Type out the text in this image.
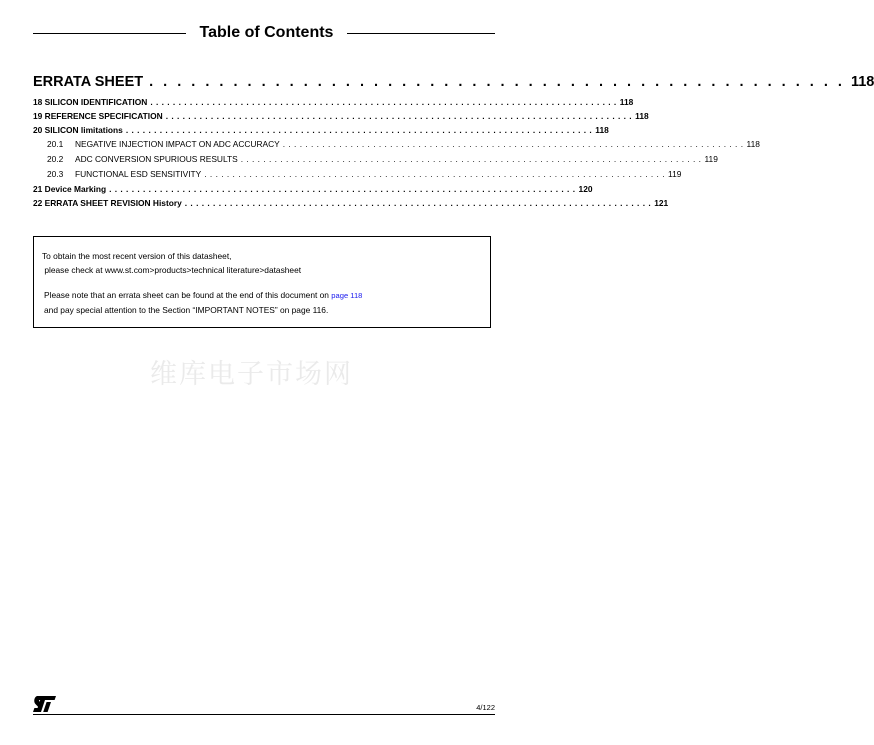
Table of Contents
ERRATA SHEET . . . . . . . . . . . . . . . . . . . . . . . . . . . . . . . . . . . . . . . . . . . . . . . . . . 118
18 SILICON IDENTIFICATION . . . . . . . . . . . . . . . . . . . . . . . . . . . . . . . . . . . . . . . . . . . . . . . . . . . . . . . . . . . . . . . . . . . . . . . . . . . . . . . . . . . 118
19 REFERENCE SPECIFICATION . . . . . . . . . . . . . . . . . . . . . . . . . . . . . . . . . . . . . . . . . . . . . . . . . . . . . . . . . . . . . . . . . . . . . . . . . . . . . . . . . . . 118
20 SILICON limitations . . . . . . . . . . . . . . . . . . . . . . . . . . . . . . . . . . . . . . . . . . . . . . . . . . . . . . . . . . . . . . . . . . . . . . . . . . . . . . . . . . . 118
20.1 NEGATIVE INJECTION IMPACT ON ADC ACCURACY . . . . . . . . . . . . . . . . . . . . . . . . . . . . . . . . . . . . . . . . . . . . . . . . . . . . . . . . . . . . . . . . . . . . . . . . . . . . . . . . . . 118
20.2 ADC CONVERSION SPURIOUS RESULTS . . . . . . . . . . . . . . . . . . . . . . . . . . . . . . . . . . . . . . . . . . . . . . . . . . . . . . . . . . . . . . . . . . . . . . . . . . . . . . . . . . 119
20.3 FUNCTIONAL ESD SENSITIVITY . . . . . . . . . . . . . . . . . . . . . . . . . . . . . . . . . . . . . . . . . . . . . . . . . . . . . . . . . . . . . . . . . . . . . . . . . . . . . . . . . . 119
21 Device Marking . . . . . . . . . . . . . . . . . . . . . . . . . . . . . . . . . . . . . . . . . . . . . . . . . . . . . . . . . . . . . . . . . . . . . . . . . . . . . . . . . . . 120
22 ERRATA SHEET REVISION History . . . . . . . . . . . . . . . . . . . . . . . . . . . . . . . . . . . . . . . . . . . . . . . . . . . . . . . . . . . . . . . . . . . . . . . . . . . . . . . . . . . 121
To obtain the most recent version of this datasheet,
please check at www.st.com>products>technical literature>datasheet
Please note that an errata sheet can be found at the end of this document on page 118
and pay special attention to the Section “IMPORTANT NOTES” on page 116.
维库电子市场网
4/122
